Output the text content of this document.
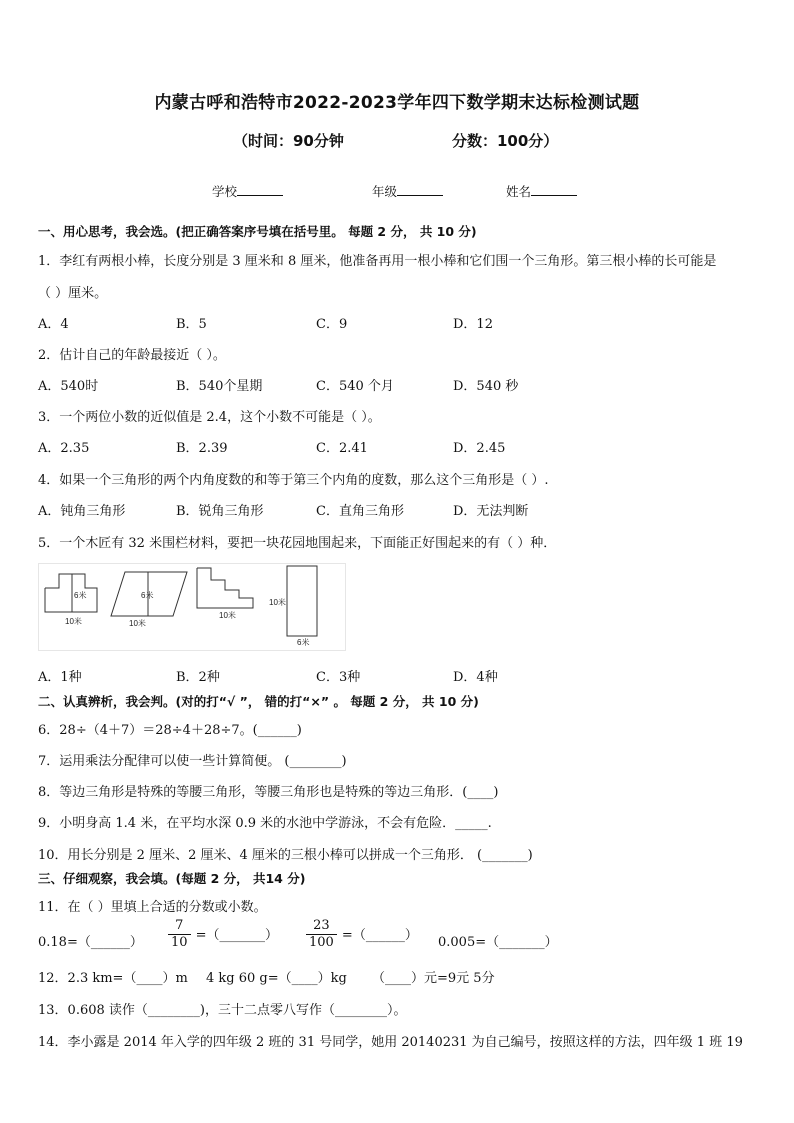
内蒙古呼和浩特市2022-2023学年四下数学期末达标检测试题
（时间：90分钟	分数：100分）
学校	年级	姓名
一、用心思考，我会选。(把正确答案序号填在括号里。 每题 2 分， 共 10 分)
1．李红有两根小棒，长度分别是 3 厘米和 8 厘米，他准备再用一根小棒和它们围一个三角形。第三根小棒的长可能是
（ ）厘米。
A．4	B．5	C．9	D．12
2．估计自己的年龄最接近（ ）。
A．540时	B．540个星期	C．540 个月	D．540 秒
3．一个两位小数的近似值是 2.4，这个小数不可能是（ ）。
A．2.35	B．2.39	C．2.41	D．2.45
4．如果一个三角形的两个内角度数的和等于第三个内角的度数，那么这个三角形是（ ）.
A．钝角三角形	B．锐角三角形	C．直角三角形	D．无法判断
5．一个木匠有 32 米围栏材料，要把一块花园地围起来，下面能正好围起来的有（ ）种．
6米
10米
6米
10米
10米
10米
6米
A．1种	B．2种	C．3种	D．4种
二、认真辨析，我会判。(对的打“√ ”， 错的打“×” 。 每题 2 分， 共 10 分)
6．28÷（4＋7）＝28÷4＋28÷7。(______)
7．运用乘法分配律可以使一些计算简便。 (________)
8．等边三角形是特殊的等腰三角形，等腰三角形也是特殊的等边三角形．(____)
9．小明身高 1.4 米，在平均水深 0.9 米的水池中学游泳，不会有危险．_____.
10．用长分别是 2 厘米、2 厘米、4 厘米的三根小棒可以拼成一个三角形． (_______)
三、仔细观察，我会填。(每题 2 分， 共14 分)
11．在（ ）里填上合适的分数或小数。
0.18=（______） $\frac{7}{10}$ =（_______） $\frac{23}{100}$ =（______） 0.005=（_______）
12．2.3 km=（____）m 4 kg 60 g=（____）kg （____）元=9元 5分
13．0.608 读作（________)，三十二点零八写作（________）。
14．李小露是 2014 年入学的四年级 2 班的 31 号同学，她用 20140231 为自己编号，按照这样的方法，四年级 1 班 19
